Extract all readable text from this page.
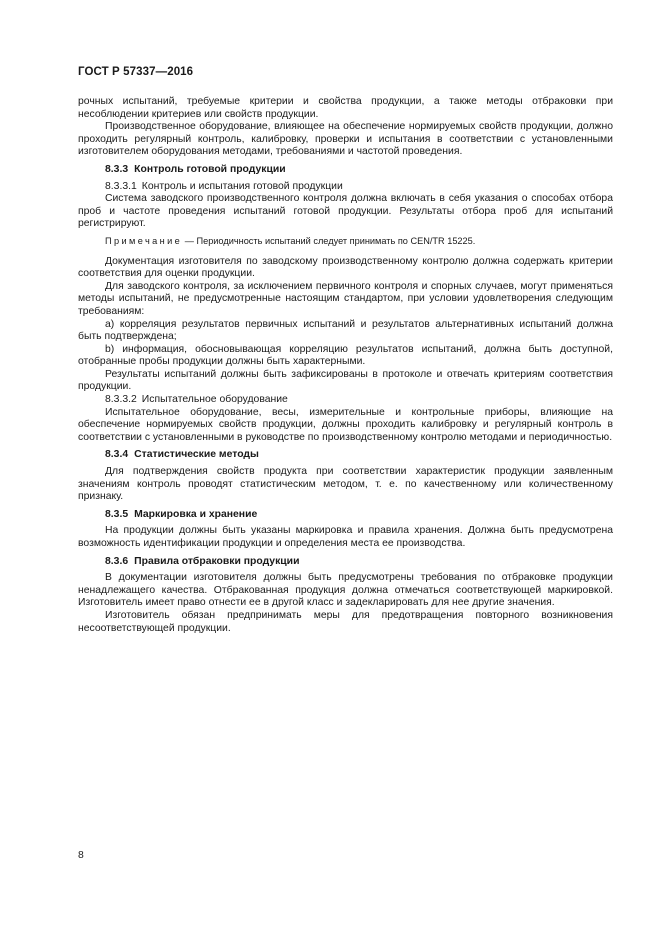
ГОСТ Р 57337—2016

рочных испытаний, требуемые критерии и свойства продукции, а также методы отбраковки при несоблюдении критериев или свойств продукции.

Производственное оборудование, влияющее на обеспечение нормируемых свойств продукции, должно проходить регулярный контроль, калибровку, проверки и испытания в соответствии с установленными изготовителем оборудования методами, требованиями и частотой проведения.

8.3.3 Контроль готовой продукции

8.3.3.1 Контроль и испытания готовой продукции

Система заводского производственного контроля должна включать в себя указания о способах отбора проб и частоте проведения испытаний готовой продукции. Результаты отбора проб для испытаний регистрируют.

Примечание — Периодичность испытаний следует принимать по CEN/TR 15225.

Документация изготовителя по заводскому производственному контролю должна содержать критерии соответствия для оценки продукции.

Для заводского контроля, за исключением первичного контроля и спорных случаев, могут применяться методы испытаний, не предусмотренные настоящим стандартом, при условии удовлетворения следующим требованиям:

а) корреляция результатов первичных испытаний и результатов альтернативных испытаний должна быть подтверждена;

b) информация, обосновывающая корреляцию результатов испытаний, должна быть доступной, отобранные пробы продукции должны быть характерными.

Результаты испытаний должны быть зафиксированы в протоколе и отвечать критериям соответствия продукции.

8.3.3.2 Испытательное оборудование

Испытательное оборудование, весы, измерительные и контрольные приборы, влияющие на обеспечение нормируемых свойств продукции, должны проходить калибровку и регулярный контроль в соответствии с установленными в руководстве по производственному контролю методами и периодичностью.

8.3.4 Статистические методы

Для подтверждения свойств продукта при соответствии характеристик продукции заявленным значениям контроль проводят статистическим методом, т. е. по качественному или количественному признаку.

8.3.5 Маркировка и хранение

На продукции должны быть указаны маркировка и правила хранения. Должна быть предусмотрена возможность идентификации продукции и определения места ее производства.

8.3.6 Правила отбраковки продукции

В документации изготовителя должны быть предусмотрены требования по отбраковке продукции ненадлежащего качества. Отбракованная продукция должна отмечаться соответствующей маркировкой. Изготовитель имеет право отнести ее в другой класс и задекларировать для нее другие значения.

Изготовитель обязан предпринимать меры для предотвращения повторного возникновения несоответствующей продукции.

8
